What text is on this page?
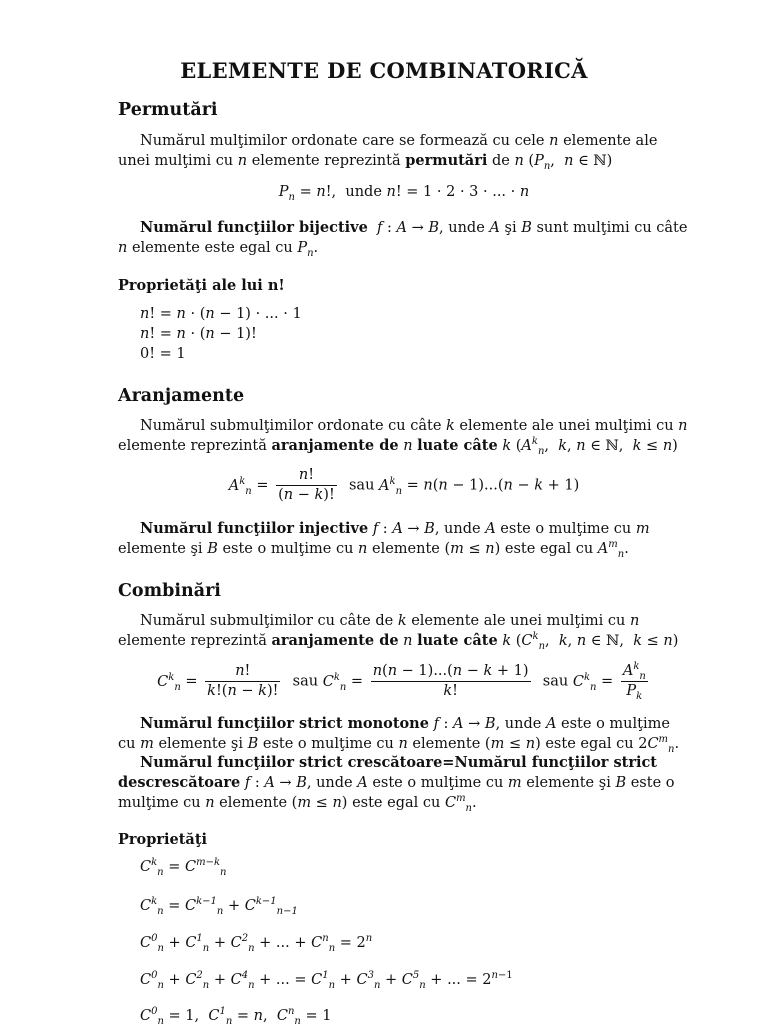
ELEMENTE DE COMBINATORICĂ
Permutări
Numărul mulţimilor ordonate care se formează cu cele n elemente ale unei mulţimi cu n elemente reprezintă permutări de n ($P_n$,  n ∈ ℕ)
$P_n = n$!,  unde n! = 1 · 2 · 3 · ... · n
Numărul funcţiilor bijective f : A → B, unde A şi B sunt mulţimi cu câte n elemente este egal cu $P_n$.
Proprietăţi ale lui n!
n! = n · (n − 1) · ... · 1
n! = n · (n − 1)!
0! = 1
Aranjamente
Numărul submulţimilor ordonate cu câte k elemente ale unei mulţimi cu n elemente reprezintă aranjamente de n luate câte k ($A^k_n$,  k, n ∈ ℕ,  k ≤ n)
$A^k_n = \frac{n!}{(n - k)!}$ sau $A^k_n = n(n - 1)...(n - k + 1)$
Numărul funcţiilor injective f : A → B, unde A este o mulţime cu m elemente şi B este o mulţime cu n elemente (m ≤ n) este egal cu $A^m_n$.
Combinări
Numărul submulţimilor cu câte de k elemente ale unei mulţimi cu n elemente reprezintă aranjamente de n luate câte k ($C^k_n$,  k, n ∈ ℕ,  k ≤ n)
$C^k_n = \frac{n!}{k!(n - k)!}$ sau $C^k_n = \frac{n(n - 1)...(n - k + 1)}{k!}$ sau $C^k_n = \frac{A^k_n}{P_k}$
Numărul funcţiilor strict monotone f : A → B, unde A este o mulţime cu m elemente şi B este o mulţime cu n elemente (m ≤ n) este egal cu $2C^m_n$.
Numărul funcţiilor strict crescătoare=Numărul funcţiilor strict descrescătoare f : A → B, unde A este o mulţime cu m elemente şi B este o mulţime cu n elemente (m ≤ n) este egal cu $C^m_n$.
Proprietăţi
$C^k_n = C^{m-k}_n$
$C^k_n = C^{k-1}_n + C^{k-1}_{n-1}$
$C^0_n + C^1_n + C^2_n$ + ... + $C^n_n = 2^n$
$C^0_n + C^2_n + C^4_n$ + ... = $C^1_n + C^3_n + C^5_n$ + ... = $2^{n-1}$
$C^0_n = 1$,  $C^1_n = n$,  $C^n_n = 1$
